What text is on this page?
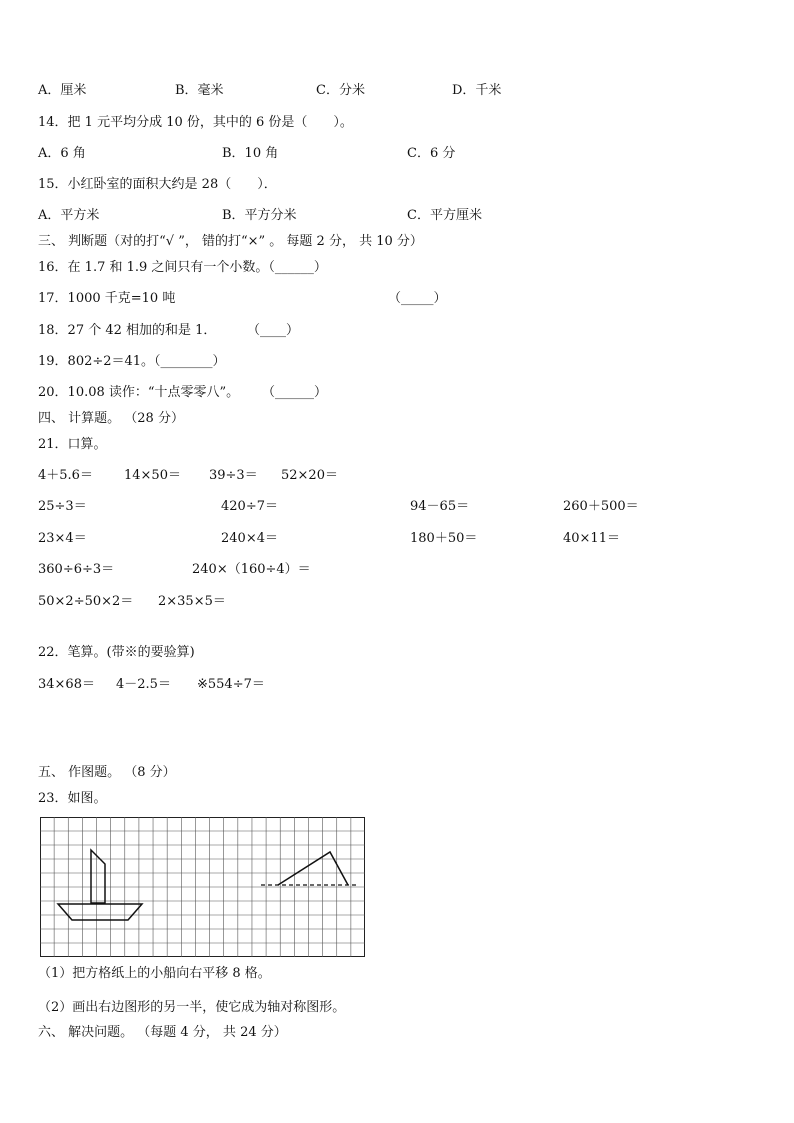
A．厘米	B．毫米	C．分米	D．千米
14．把 1 元平均分成 10 份，其中的 6 份是（　　）。
A．6 角	B．10 角	C．6 分
15．小红卧室的面积大约是 28（　　）．
A．平方米	B．平方分米	C．平方厘米
三、 判断题（对的打“√ ”， 错的打“×” 。 每题 2 分， 共 10 分）
16．在 1.7 和 1.9 之间只有一个小数。（______）
17．1000 千克=10 吨	（_____）
18．27 个 42 相加的和是 1． （____）
19．802÷2＝41。（________）
20．10.08 读作：“十点零零八”。 （______）
四、 计算题。 （28 分）
21．口算。
4＋5.6＝ 14×50＝ 39÷3＝ 52×20＝
25÷3＝	420÷7＝	94－65＝	260＋500＝
23×4＝	240×4＝	180＋50＝	40×11＝
360÷6÷3＝	240×（160÷4）＝
50×2÷50×2＝ 2×35×5＝
22．笔算。(带※的要验算)
34×68＝ 4－2.5＝ ※554÷7＝
五、 作图题。 （8 分）
23．如图。
（1）把方格纸上的小船向右平移 8 格。
（2）画出右边图形的另一半，使它成为轴对称图形。
六、 解决问题。 （每题 4 分， 共 24 分）
